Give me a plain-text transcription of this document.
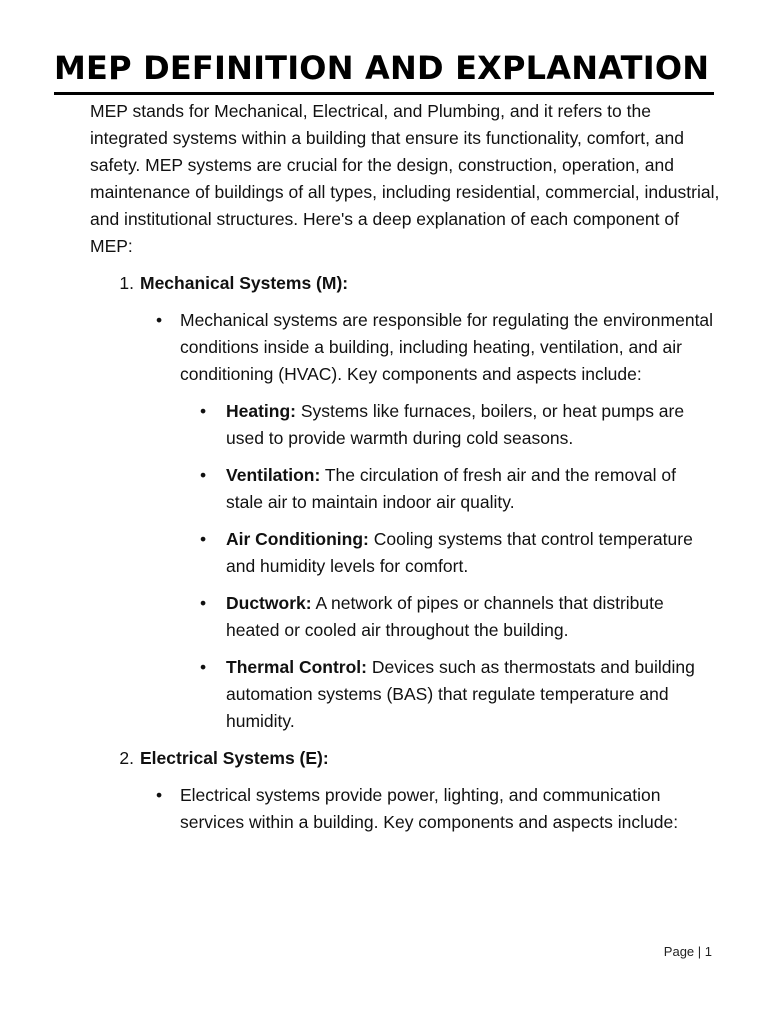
MEP DEFINITION AND EXPLANATION

MEP stands for Mechanical, Electrical, and Plumbing, and it refers to the integrated systems within a building that ensure its functionality, comfort, and safety. MEP systems are crucial for the design, construction, operation, and maintenance of buildings of all types, including residential, commercial, industrial, and institutional structures. Here's a deep explanation of each component of MEP:

1. Mechanical Systems (M):
• Mechanical systems are responsible for regulating the environmental conditions inside a building, including heating, ventilation, and air conditioning (HVAC). Key components and aspects include:
• Heating: Systems like furnaces, boilers, or heat pumps are used to provide warmth during cold seasons.
• Ventilation: The circulation of fresh air and the removal of stale air to maintain indoor air quality.
• Air Conditioning: Cooling systems that control temperature and humidity levels for comfort.
• Ductwork: A network of pipes or channels that distribute heated or cooled air throughout the building.
• Thermal Control: Devices such as thermostats and building automation systems (BAS) that regulate temperature and humidity.
2. Electrical Systems (E):
• Electrical systems provide power, lighting, and communication services within a building. Key components and aspects include:
Page | 1
